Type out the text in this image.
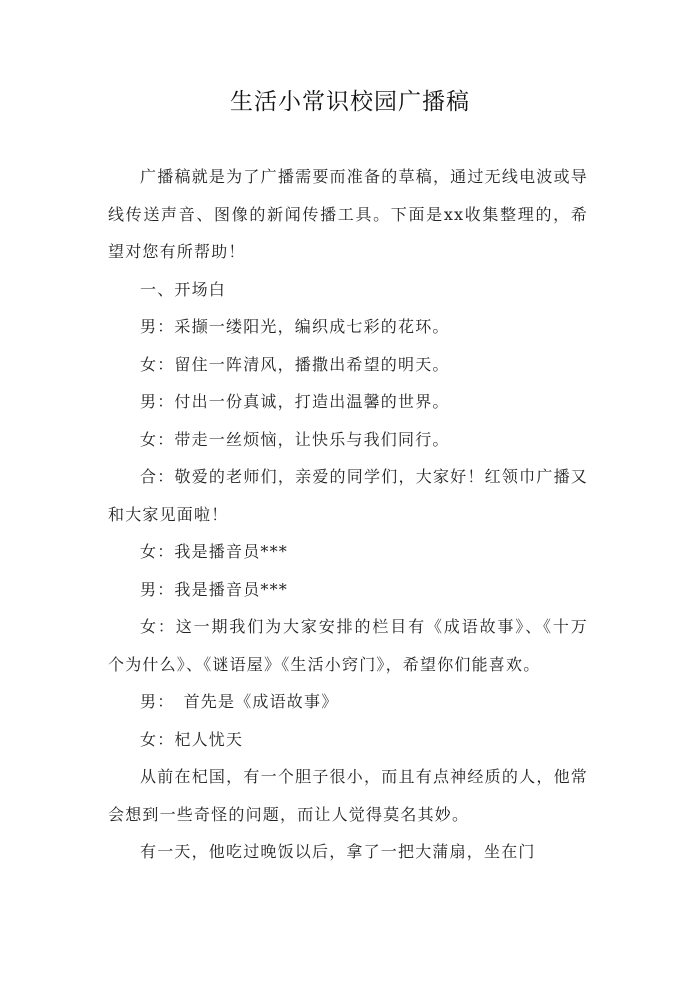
生活小常识校园广播稿

广播稿就是为了广播需要而准备的草稿，通过无线电波或导线传送声音、图像的新闻传播工具。下面是xx收集整理的，希望对您有所帮助！

一、开场白

男：采撷一缕阳光，编织成七彩的花环。

女：留住一阵清风，播撒出希望的明天。

男：付出一份真诚，打造出温馨的世界。

女：带走一丝烦恼，让快乐与我们同行。

合：敬爱的老师们，亲爱的同学们，大家好！红领巾广播又和大家见面啦！

女：我是播音员***

男：我是播音员***

女：这一期我们为大家安排的栏目有《成语故事》、《十万个为什么》、《谜语屋》《生活小窍门》，希望你们能喜欢。

男：　首先是《成语故事》

女：杞人忧天

从前在杞国，有一个胆子很小，而且有点神经质的人，他常会想到一些奇怪的问题，而让人觉得莫名其妙。

有一天，他吃过晚饭以后，拿了一把大蒲扇，坐在门
